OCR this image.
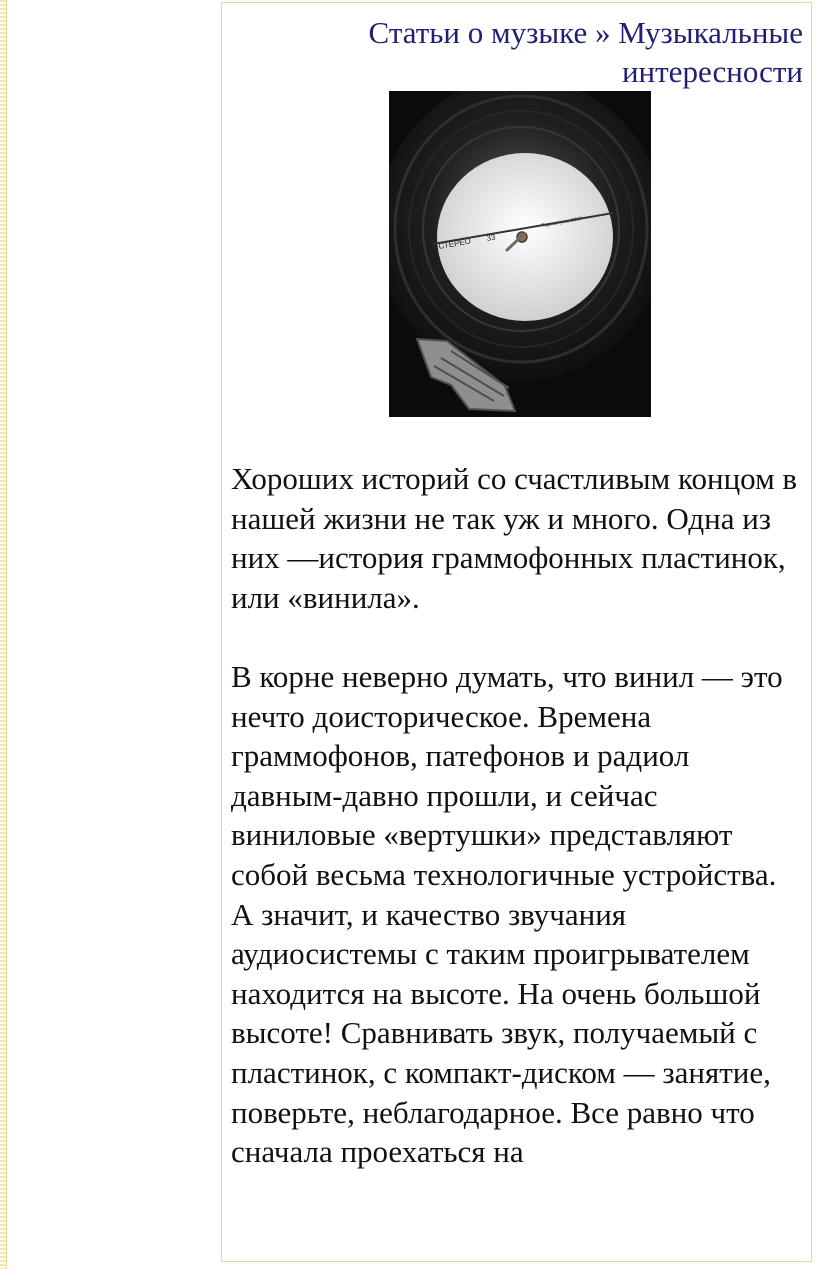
Статьи о музыке » Музыкальные интересности
СТЕРЕО 33
Год выпуска 2007

Хороших историй со счастливым концом в нашей жизни не так уж и много. Одна из них —история граммофонных пластинок, или «винила».

В корне неверно думать, что винил — это нечто доисторическое. Времена граммофонов, патефонов и радиол давным-давно прошли, и сейчас виниловые «вертушки» представляют собой весьма технологичные устройства. А значит, и качество звучания аудиосистемы с таким проигрывателем находится на высоте. На очень большой высоте! Сравнивать звук, получаемый с пластинок, с компакт-диском — занятие, поверьте, неблагодарное. Все равно что сначала проехаться на
